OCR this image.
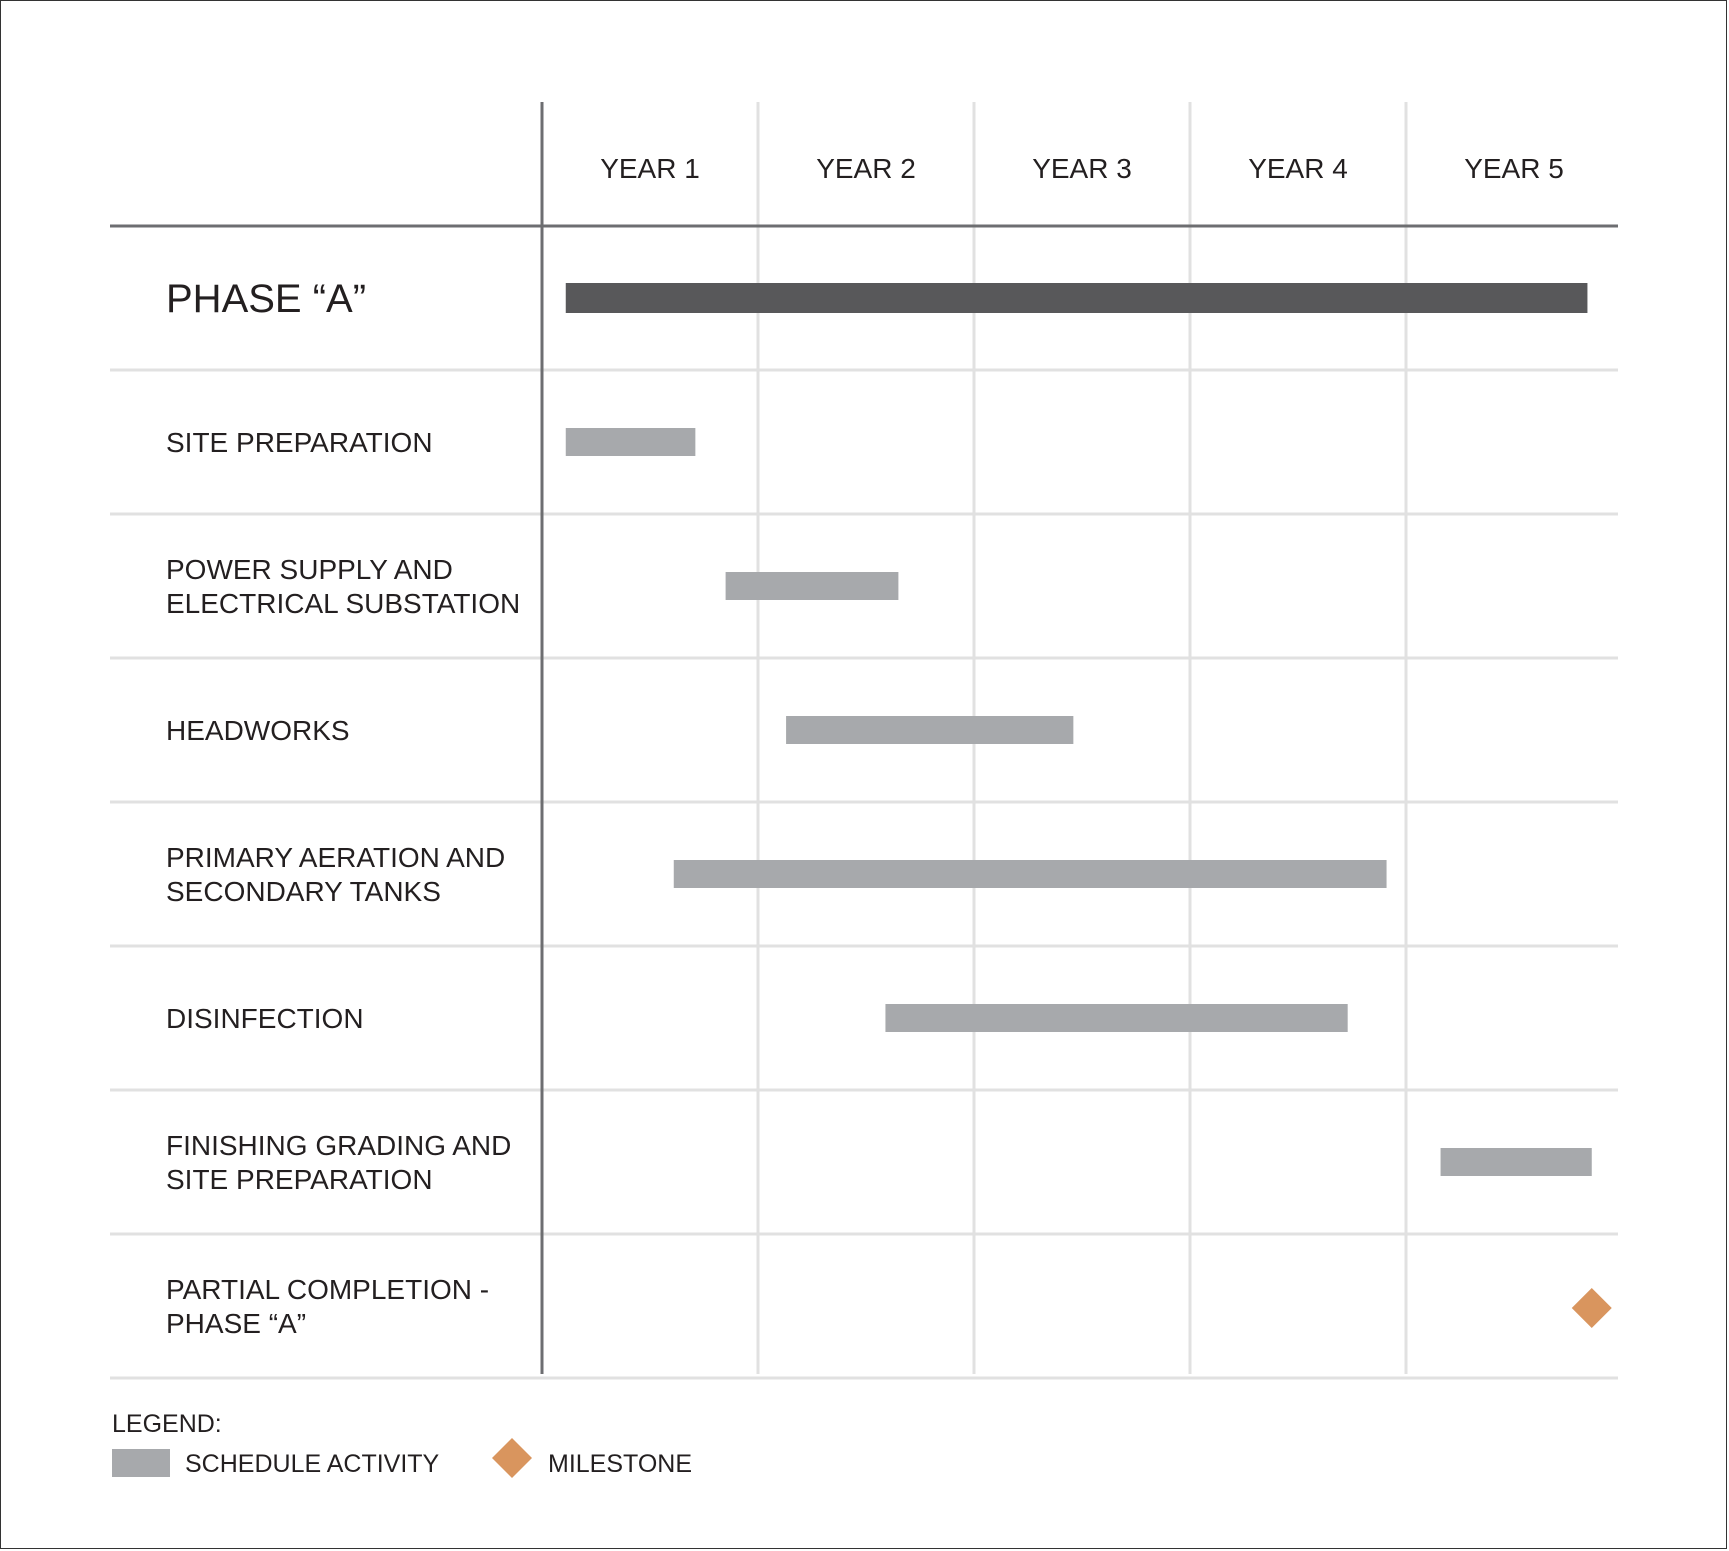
YEAR 1	YEAR 2	YEAR 3	YEAR 4	YEAR 5
PHASE “A”
SITE PREPARATION
POWER SUPPLY AND
ELECTRICAL SUBSTATION
HEADWORKS
PRIMARY AERATION AND
SECONDARY TANKS
DISINFECTION
FINISHING GRADING AND
SITE PREPARATION
PARTIAL COMPLETION -
PHASE “A”
LEGEND:
SCHEDULE ACTIVITY	MILESTONE
